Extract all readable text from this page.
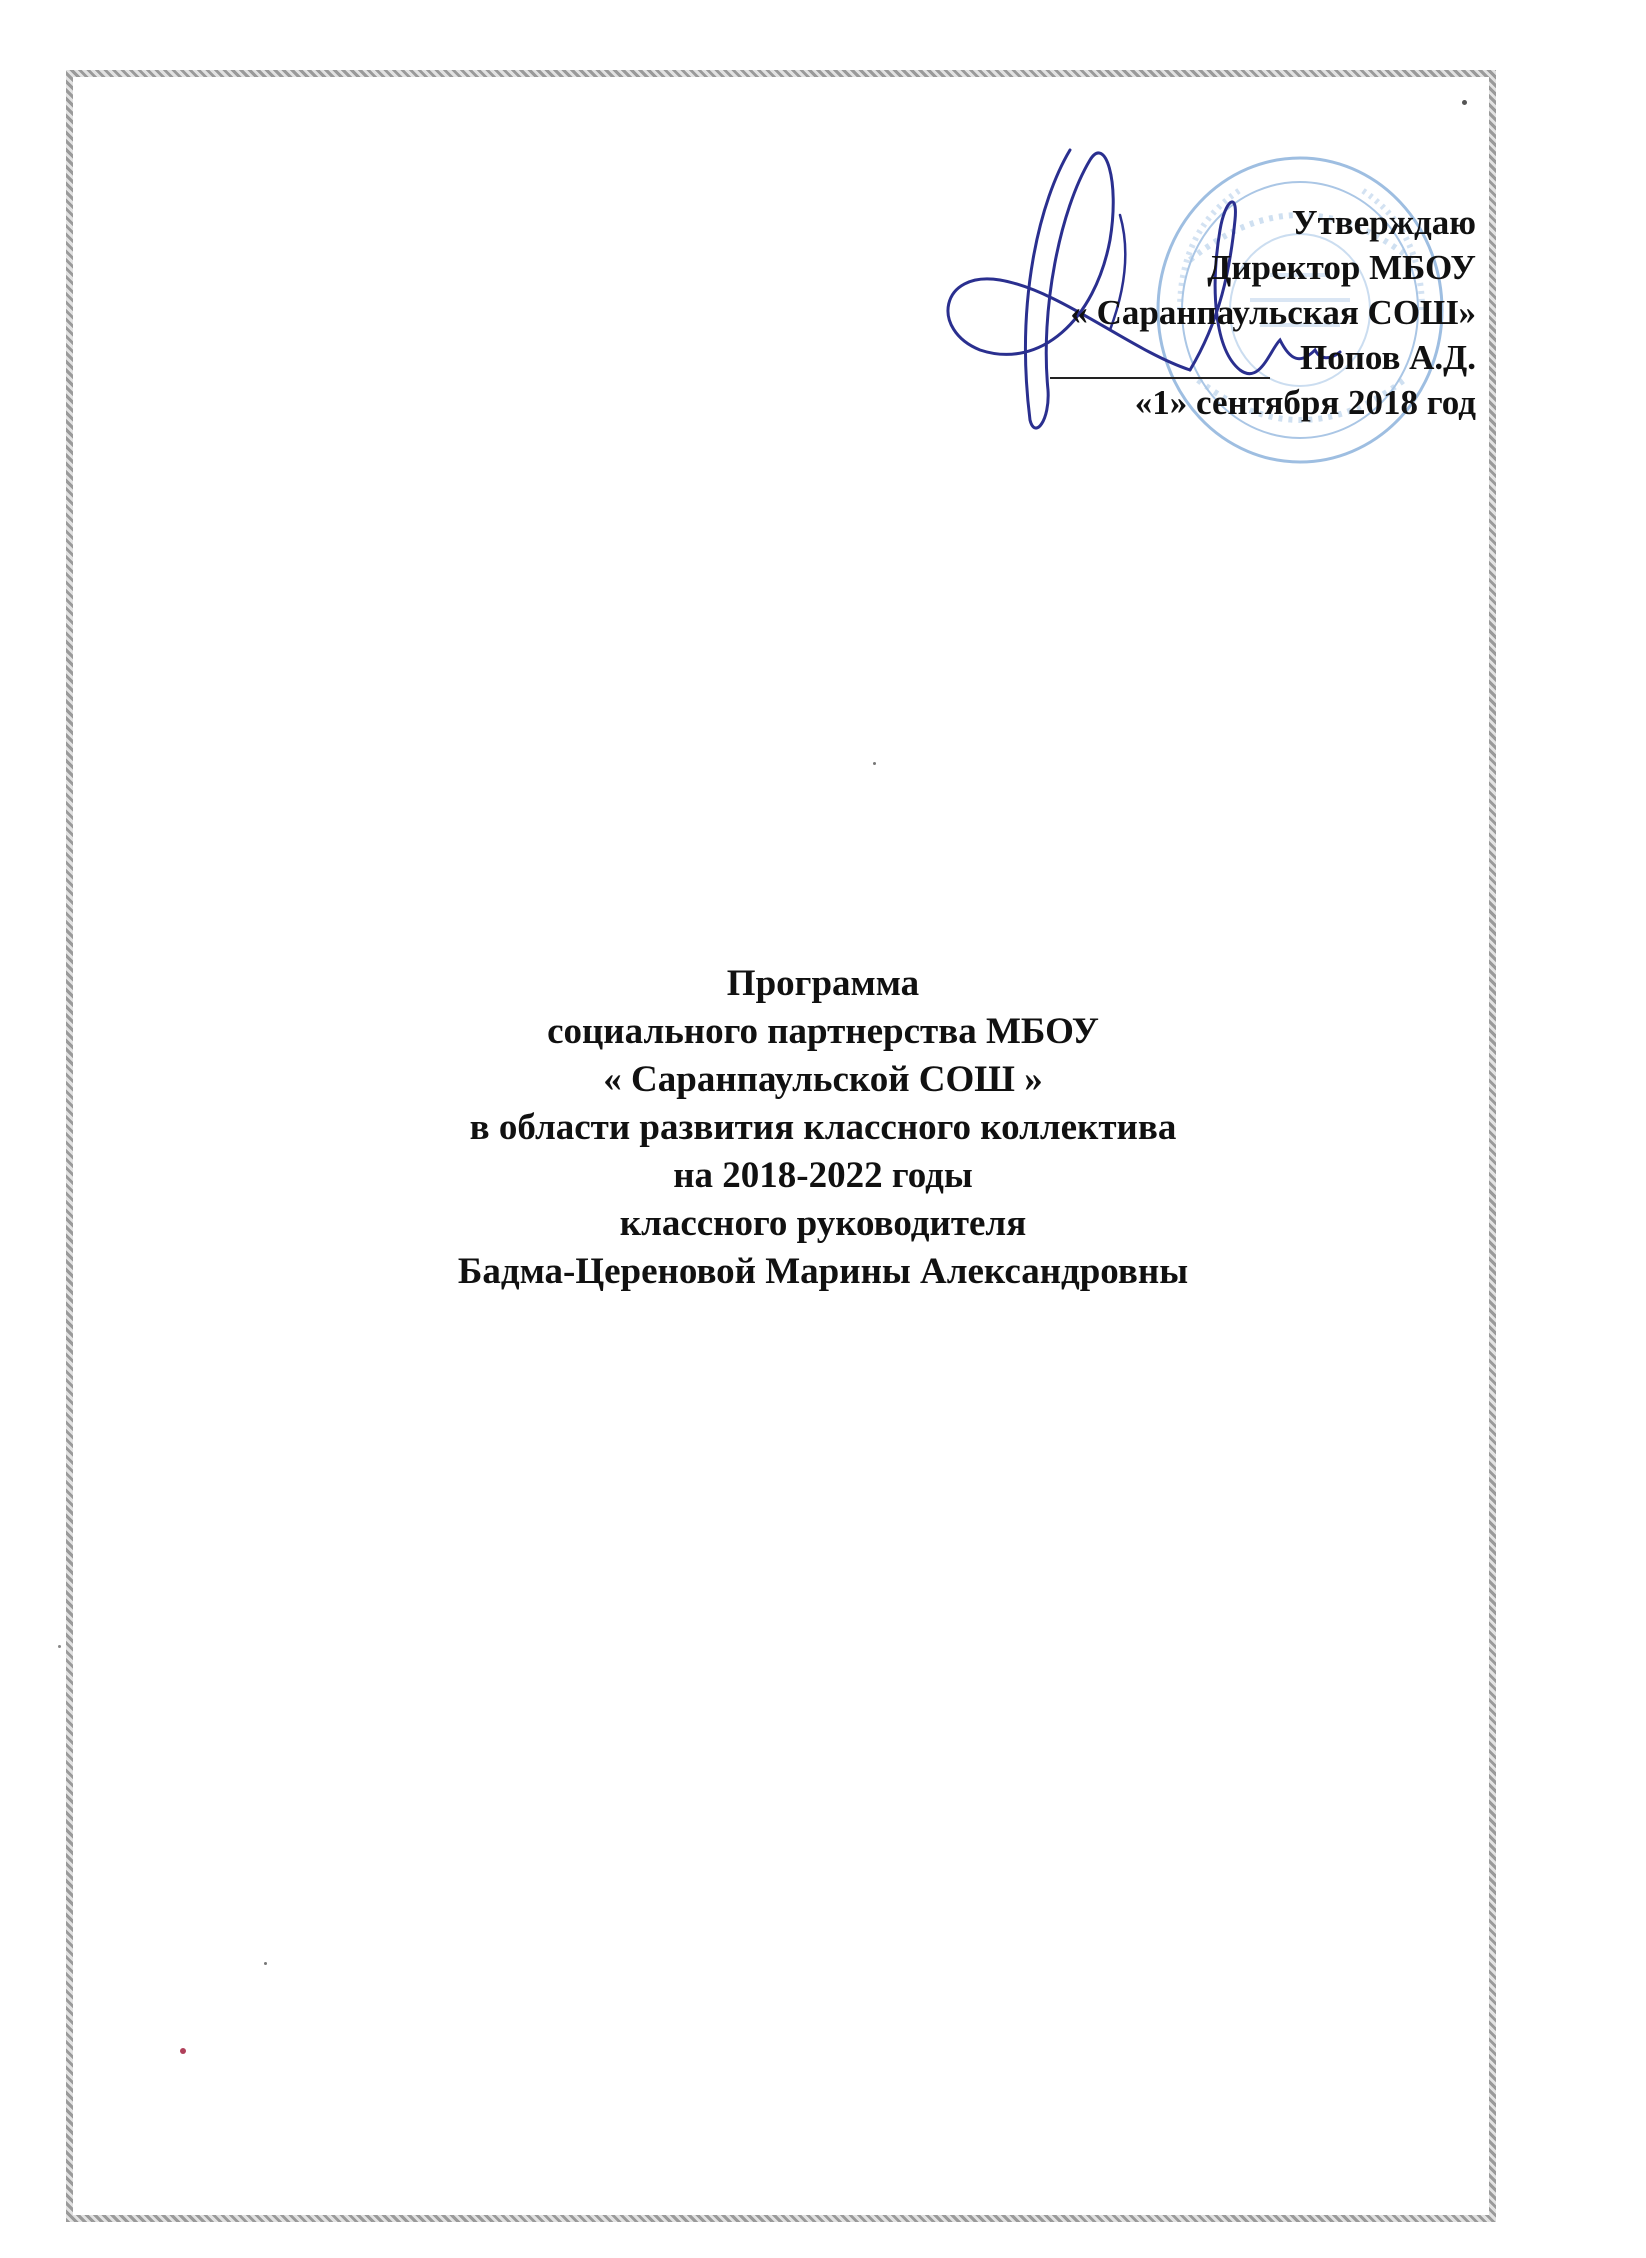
Утверждаю
Директор МБОУ
« Саранпаульская СОШ»
Попов А.Д.
«1» сентября 2018 год
Программа
социального партнерства МБОУ
« Саранпаульской СОШ »
в области развития классного коллектива
на 2018-2022 годы
классного руководителя
Бадма-Цереновой Марины Александровны
